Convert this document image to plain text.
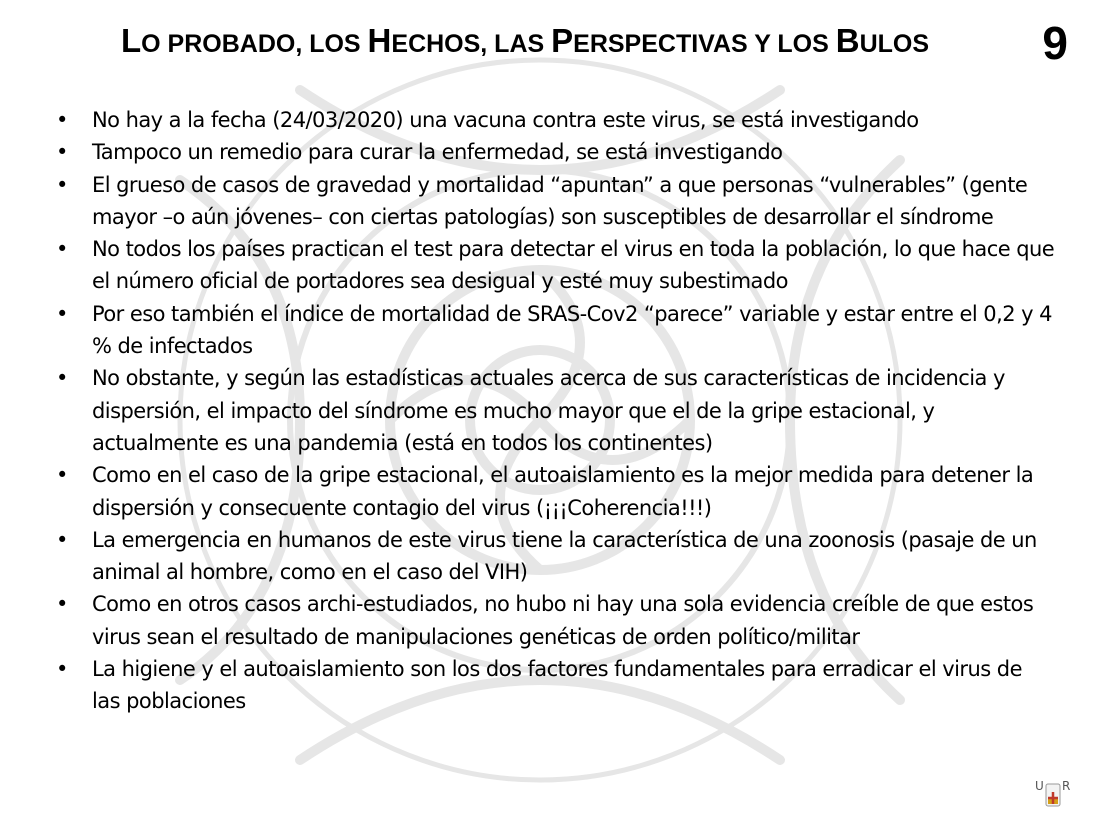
LO PROBADO, LOS HECHOS, LAS PERSPECTIVAS Y LOS BULOS	9
• No hay a la fecha (24/03/2020) una vacuna contra este virus, se está investigando
• Tampoco un remedio para curar la enfermedad, se está investigando
• El grueso de casos de gravedad y mortalidad “apuntan” a que personas “vulnerables” (gente mayor –o aún jóvenes– con ciertas patologías) son susceptibles de desarrollar el síndrome
• No todos los países practican el test para detectar el virus en toda la población, lo que hace que el número oficial de portadores sea desigual y esté muy subestimado
• Por eso también el índice de mortalidad de SRAS-Cov2 “parece” variable y estar entre el 0,2 y 4 % de infectados
• No obstante, y según las estadísticas actuales acerca de sus características de incidencia y dispersión, el impacto del síndrome es mucho mayor que el de la gripe estacional, y actualmente es una pandemia (está en todos los continentes)
• Como en el caso de la gripe estacional, el autoaislamiento es la mejor medida para detener la dispersión y consecuente contagio del virus (¡¡¡Coherencia!!!)
• La emergencia en humanos de este virus tiene la característica de una zoonosis (pasaje de un animal al hombre, como en el caso del VIH)
• Como en otros casos archi-estudiados, no hubo ni hay una sola evidencia creíble de que estos virus sean el resultado de manipulaciones genéticas de orden político/militar
• La higiene y el autoaislamiento son los dos factores fundamentales para erradicar el virus de las poblaciones
U R
